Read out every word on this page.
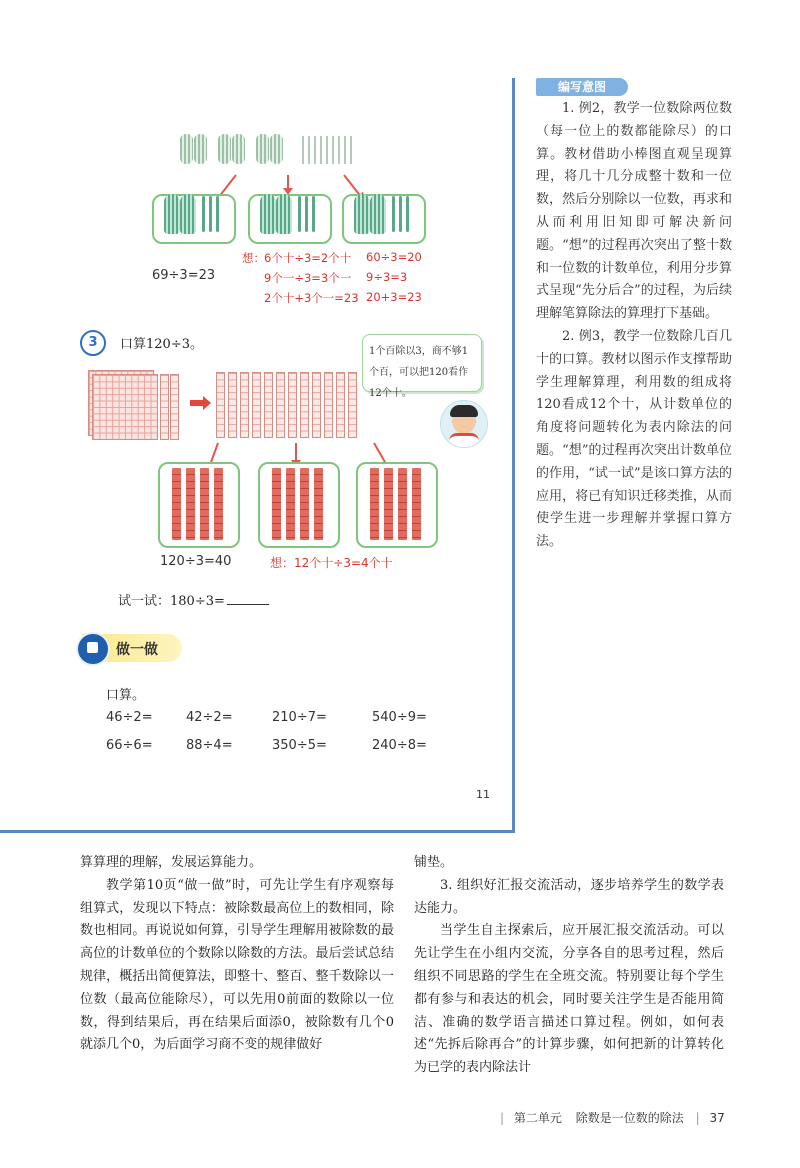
69÷3=23
想： 6个十÷3=2个十
9个一÷3=3个一
2个十+3个一=23
60÷3=20
9÷3=3
20+3=23
3	口算120÷3。	1个百除以3，商不够1个百，可以把120看作12个十。
120÷3=40	想：12个十÷3=4个十
试一试：180÷3=
做一做
口算。
46÷2=	42÷2=	210÷7=	540÷9=
66÷6=	88÷4=	350÷5=	240÷8=
11
编写意图

1. 例2，教学一位数除两位数（每一位上的数都能除尽）的口算。教材借助小棒图直观呈现算理，将几十几分成整十数和一位数，然后分别除以一位数，再求和从而利用旧知即可解决新问题。“想”的过程再次突出了整十数和一位数的计数单位，利用分步算式呈现“先分后合”的过程，为后续理解笔算除法的算理打下基础。

2. 例3，教学一位数除几百几十的口算。教材以图示作支撑帮助学生理解算理，利用数的组成将120看成12个十，从计数单位的角度将问题转化为表内除法的问题。“想”的过程再次突出计数单位的作用，“试一试”是该口算方法的应用，将已有知识迁移类推，从而使学生进一步理解并掌握口算方法。

算算理的理解，发展运算能力。

教学第10页“做一做”时，可先让学生有序观察每组算式，发现以下特点：被除数最高位上的数相同，除数也相同。再说说如何算，引导学生理解用被除数的最高位的计数单位的个数除以除数的方法。最后尝试总结规律，概括出简便算法，即整十、整百、整千数除以一位数（最高位能除尽），可以先用0前面的数除以一位数，得到结果后，再在结果后面添0，被除数有几个0就添几个0，为后面学习商不变的规律做好

铺垫。

3. 组织好汇报交流活动，逐步培养学生的数学表达能力。

当学生自主探索后，应开展汇报交流活动。可以先让学生在小组内交流，分享各自的思考过程，然后组织不同思路的学生在全班交流。特别要让每个学生都有参与和表达的机会，同时要关注学生是否能用简洁、准确的数学语言描述口算过程。例如，如何表述“先拆后除再合”的计算步骤，如何把新的计算转化为已学的表内除法计

| 第二单元 除数是一位数的除法 | 37
